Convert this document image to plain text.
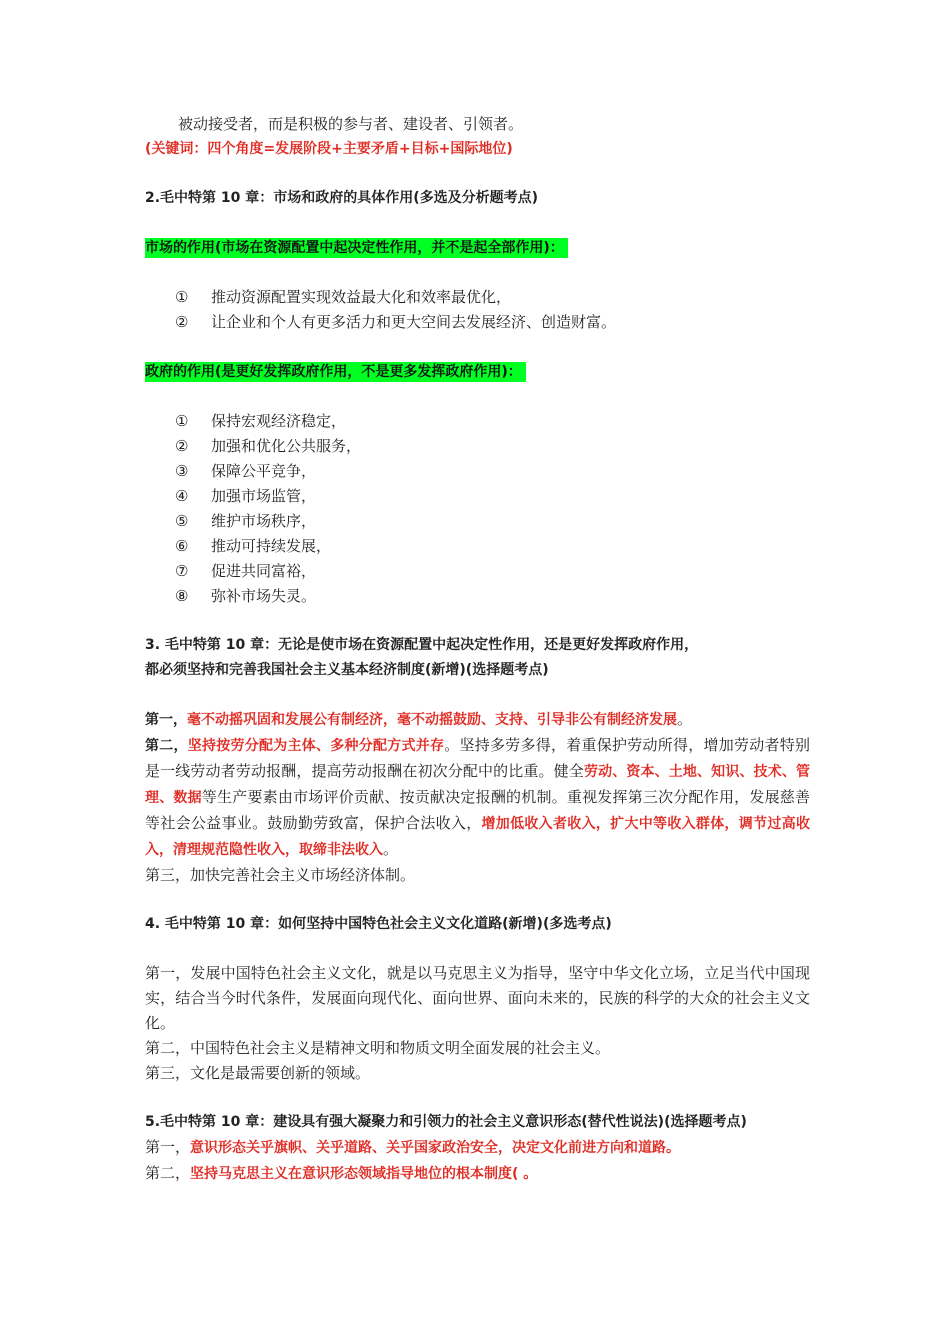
被动接受者，而是积极的参与者、建设者、引领者。
(关键词：四个角度=发展阶段+主要矛盾+目标+国际地位)
2.毛中特第 10 章：市场和政府的具体作用(多选及分析题考点)
市场的作用(市场在资源配置中起决定性作用，并不是起全部作用)：
① 推动资源配置实现效益最大化和效率最优化，
② 让企业和个人有更多活力和更大空间去发展经济、创造财富。
政府的作用(是更好发挥政府作用，不是更多发挥政府作用)：
① 保持宏观经济稳定，
② 加强和优化公共服务，
③ 保障公平竞争，
④ 加强市场监管，
⑤ 维护市场秩序，
⑥ 推动可持续发展，
⑦ 促进共同富裕，
⑧ 弥补市场失灵。
3. 毛中特第 10 章：无论是使市场在资源配置中起决定性作用，还是更好发挥政府作用，
都必须坚持和完善我国社会主义基本经济制度(新增)(选择题考点)
第一，毫不动摇巩固和发展公有制经济，毫不动摇鼓励、支持、引导非公有制经济发展。
第二，坚持按劳分配为主体、多种分配方式并存。坚持多劳多得，着重保护劳动所得，增加劳动者特别是一线劳动者劳动报酬，提高劳动报酬在初次分配中的比重。健全劳动、资本、土地、知识、技术、管理、数据等生产要素由市场评价贡献、按贡献决定报酬的机制。重视发挥第三次分配作用，发展慈善等社会公益事业。鼓励勤劳致富，保护合法收入，增加低收入者收入，扩大中等收入群体，调节过高收入，清理规范隐性收入，取缔非法收入。
第三，加快完善社会主义市场经济体制。
4. 毛中特第 10 章：如何坚持中国特色社会主义文化道路(新增)(多选考点)
第一，发展中国特色社会主义文化，就是以马克思主义为指导，坚守中华文化立场，立足当代中国现实，结合当今时代条件，发展面向现代化、面向世界、面向未来的，民族的科学的大众的社会主义文化。
第二，中国特色社会主义是精神文明和物质文明全面发展的社会主义。
第三，文化是最需要创新的领域。
5.毛中特第 10 章：建设具有强大凝聚力和引领力的社会主义意识形态(替代性说法)(选择题考点)
第一，意识形态关乎旗帜、关乎道路、关乎国家政治安全，决定文化前进方向和道路。
第二，坚持马克思主义在意识形态领域指导地位的根本制度( 。
